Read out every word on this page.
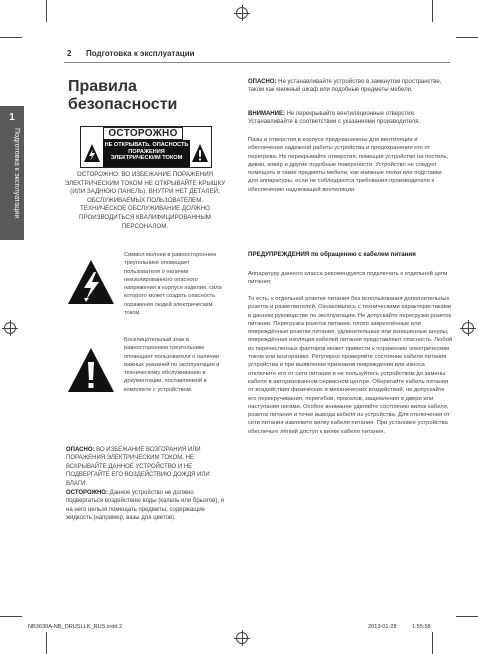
1
Подготовка к эксплуатации
2 Подготовка к эксплуатации
Правила безопасности
ОСТОРОЖНО
НЕ ОТКРЫВАТЬ. ОПАСНОСТЬ ПОРАЖЕНИЯ ЭЛЕКТРИЧЕСКИМ ТОКОМ
ОСТОРОЖНО: ВО ИЗБЕЖАНИЕ ПОРАЖЕНИЯ ЭЛЕКТРИЧЕСКИМ ТОКОМ НЕ ОТКРЫВАЙТЕ КРЫШКУ (ИЛИ ЗАДНЮЮ ПАНЕЛЬ). ВНУТРИ НЕТ ДЕТАЛЕЙ, ОБСЛУЖИВАЕМЫХ ПОЛЬЗОВАТЕЛЕМ. ТЕХНИЧЕСКОЕ ОБСЛУЖИВАНИЕ ДОЛЖНО ПРОИЗВОДИТЬСЯ КВАЛИФИЦИРОВАННЫМ ПЕРСОНАЛОМ.
Символ молнии в равностороннем треугольнике оповещает пользователя о наличии неизолированного опасного напряжения в корпусе изделия, сила которого может создать опасность поражения людей электрическим током.
Восклицательный знак в равностороннем треугольнике оповещает пользователя о наличии важных указаний по эксплуатации и техническому обслуживанию в документации, поставляемой в комплекте с устройством.
ОПАСНО: ВО ИЗБЕЖАНИЕ ВОЗГОРАНИЯ ИЛИ ПОРАЖЕНИЯ ЭЛЕКТРИЧЕСКИМ ТОКОМ, НЕ ВСКРЫВАЙТЕ ДАННОЕ УСТРОЙСТВО И НЕ ПОДВЕРГАЙТЕ ЕГО ВОЗДЕЙСТВИЮ ДОЖДЯ ИЛИ ВЛАГИ.
ОСТОРОЖНО: Данное устройство не должно подвергаться воздействию воды (капель или брызгов), и на него нельзя помещать предметы, содержащие жидкость (например, вазы для цветов).
ОПАСНО: Не устанавливайте устройство в замкнутом пространстве, таком как книжный шкаф или подобные предметы мебели.
ВНИМАНИЕ: Не перекрывайте вентиляционные отверстия. Устанавливайте в соответствии с указаниями производителя.
Пазы и отверстия в корпусе предназначены для вентиляции и обеспечения надежной работы устройства и предохранения его от перегрева. Не перекрывайте отверстия, помещая устройство на постель, диван, ковёр и другие подобные поверхности. Устройство не следует помещать в такие предметы мебели, как книжные полки или подставки для аппаратуры, если не соблюдаются требования производителя к обеспечению надлежащей вентиляции.
ПРЕДУПРЕЖДЕНИЯ по обращению с кабелем питания
Аппаратуру данного класса рекомендуется подключать к отдельной цепи питания;
То есть, к отдельной розетке питания без использования дополнительных розеток и разветвителей. Ознакомьтесь с техническими характеристиками в данном руководстве по эксплуатации. Не допускайте перегрузки розеток питания. Перегрузка розеток питания, плохо закреплённые или повреждённые розетки питания, удлинительные или изношенные шнуры, повреждённая изоляция кабелей питания представляют опасность. Любой из перечисленных факторов может привести к поражению электрическим током или возгоранию. Регулярно проверяйте состояние кабеля питания устройства и при выявлении признаков повреждения или износа отключите его от сети питания и не пользуйтесь устройством до замены кабеля в авторизованном сервисном центре. Оберегайте кабель питания от воздействия физических и механических воздействий, не допускайте его перекручивания, перегибов, проколов, защемления в двери или наступания ногами. Особое внимание уделяйте состоянию вилок кабеля, розеток питания и точке вывода кабеля из устройства. Для отключения от сети питания извлеките вилку кабеля питания. При установке устройства обеспечьте лёгкий доступ к вилке кабеля питания.
NB3630A-NB_DRUSLLK_RUS.indd 2	2013-01-28	1:55:58
